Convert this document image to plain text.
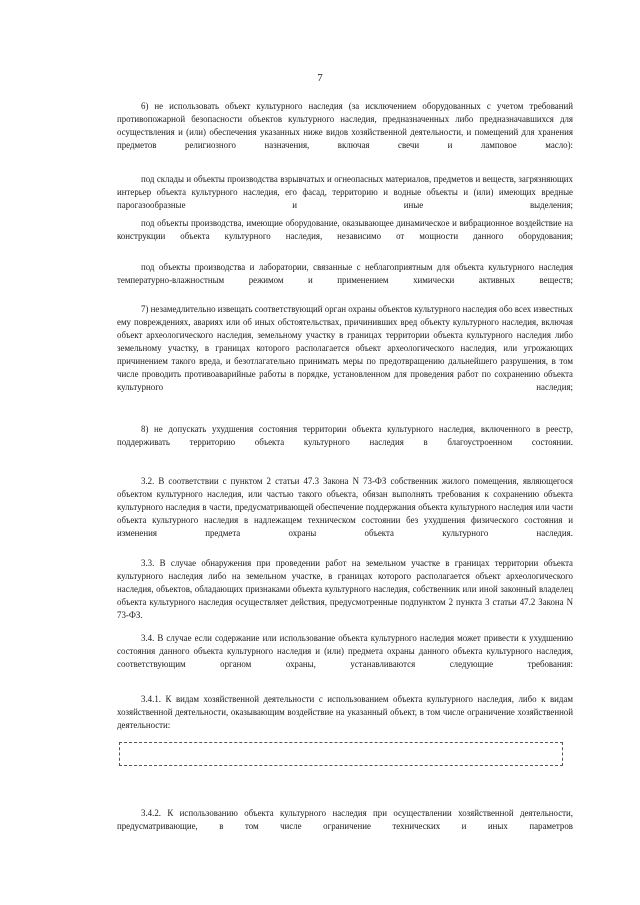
7

6) не использовать объект культурного наследия (за исключением оборудованных с учетом требований противопожарной безопасности объектов культурного наследия, предназначенных либо предназначавшихся для осуществления и (или) обеспечения указанных ниже видов хозяйственной деятельности, и помещений для хранения предметов религиозного назначения, включая свечи и ламповое масло):

под склады и объекты производства взрывчатых и огнеопасных материалов, предметов и веществ, загрязняющих интерьер объекта культурного наследия, его фасад, территорию и водные объекты и (или) имеющих вредные парогазообразные и иные выделения;

под объекты производства, имеющие оборудование, оказывающее динамическое и вибрационное воздействие на конструкции объекта культурного наследия, независимо от мощности данного оборудования;

под объекты производства и лаборатории, связанные с неблагоприятным для объекта культурного наследия температурно-влажностным режимом и применением химически активных веществ;

7) незамедлительно извещать соответствующий орган охраны объектов культурного наследия обо всех известных ему повреждениях, авариях или об иных обстоятельствах, причинивших вред объекту культурного наследия, включая объект археологического наследия, земельному участку в границах территории объекта культурного наследия либо земельному участку, в границах которого располагается объект археологического наследия, или угрожающих причинением такого вреда, и безотлагательно принимать меры по предотвращению дальнейшего разрушения, в том числе проводить противоаварийные работы в порядке, установленном для проведения работ по сохранению объекта культурного наследия;

8) не допускать ухудшения состояния территории объекта культурного наследия, включенного в реестр, поддерживать территорию объекта культурного наследия в благоустроенном состоянии.

3.2. В соответствии с пунктом 2 статьи 47.3 Закона N 73-ФЗ собственник жилого помещения, являющегося объектом культурного наследия, или частью такого объекта, обязан выполнять требования к сохранению объекта культурного наследия в части, предусматривающей обеспечение поддержания объекта культурного наследия или части объекта культурного наследия в надлежащем техническом состоянии без ухудшения физического состояния и изменения предмета охраны объекта культурного наследия.

3.3. В случае обнаружения при проведении работ на земельном участке в границах территории объекта культурного наследия либо на земельном участке, в границах которого располагается объект археологического наследия, объектов, обладающих признаками объекта культурного наследия, собственник или иной законный владелец объекта культурного наследия осуществляет действия, предусмотренные подпунктом 2 пункта 3 статьи 47.2 Закона N 73-ФЗ.

3.4. В случае если содержание или использование объекта культурного наследия может привести к ухудшению состояния данного объекта культурного наследия и (или) предмета охраны данного объекта культурного наследия, соответствующим органом охраны, устанавливаются следующие требования:

3.4.1. К видам хозяйственной деятельности с использованием объекта культурного наследия, либо к видам хозяйственной деятельности, оказывающим воздействие на указанный объект, в том числе ограничение хозяйственной деятельности:

3.4.2. К использованию объекта культурного наследия при осуществлении хозяйственной деятельности, предусматривающие, в том числе ограничение технических и иных параметров
